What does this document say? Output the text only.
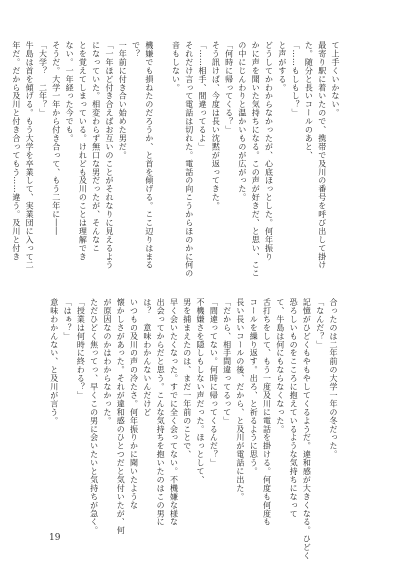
て上手くいかない。
最寄り駅に着いたので、携帯で及川の番号を呼び出して掛け
た。随分と長いコールのあと、
「……もしもし？」
と声がする。
どうしてかわからなかったが、心底ほっとした。何年振り
かに声を聞いた気持ちになる。この声が好きだ、と思い、ここ
の中にじんわりと温かいものが広がった。
「何時に帰ってくる？」
そう訊けば、今度は長い沈黙が返ってきた。
「……相手、間違ってるよ」
それだけ言って電話は切れた。電話の向こうからほのかに何の
音もしない。

機嫌でも損ねたのだろうか、と首を傾げる。ここ辺りはまる
で？
一年前に付き合い始めた男だ。
「一年ほど付き合えばお互いのことがそれなりに見えるよう
になっていた。相変わらず無口な男だったが、そんなこ
とを覚えてしまっている。けれども及川のことは理解でき
ない。一年経った今でも。
そうだ。大学一年から付き合って、もう二年に――
「大学？　二年？」
牛島は首を傾げる。もう大学を卒業して、実業団に入って二
年だ。だから及川と付き合ってもう……違う。及川と付き
合ったのは二年前の大学一年の冬だった。
「なんだ？」
記憶がひどくもやもやしてくるようだ。違和感が大きくなる。ひどく
恐ろしいものをこころに抱えているような気持ちになって
て、牛島は何にもならなくなった。
舌打ちをして、もう一度及川に電話を掛ける。何度も何度も
コールを繰り返す。出ろ、と祈るように思う。
長い長いコールの後、だから、と及川が電話に出た。
「だから、相手間違ってるって」
「間違ってない。何時に帰ってくるんだ？」
不機嫌さを隠しもしない声だった。ほっとして、
男を捕まえたのは、まだ一年前のことで、
早く会いたくなった。すでに全く会ってない。不機嫌な様な
出会ってからだと思う。こんな気持ちを抱いたのはこの男に
は？　意味わかんないんだけど
いつもの及川の声の冷たさ。何年振りかに聞いたような
懐かしさがあった。それが違和感のひとつだと気付いたが、何
が原因なのかはわからなかった。
ただひどく焦ってっ、早くこの男に会いたいと気持ちが急く。
「授業は何時に終わる？」
「はぁ？」
意味わかんない、と及川が言う。
19
